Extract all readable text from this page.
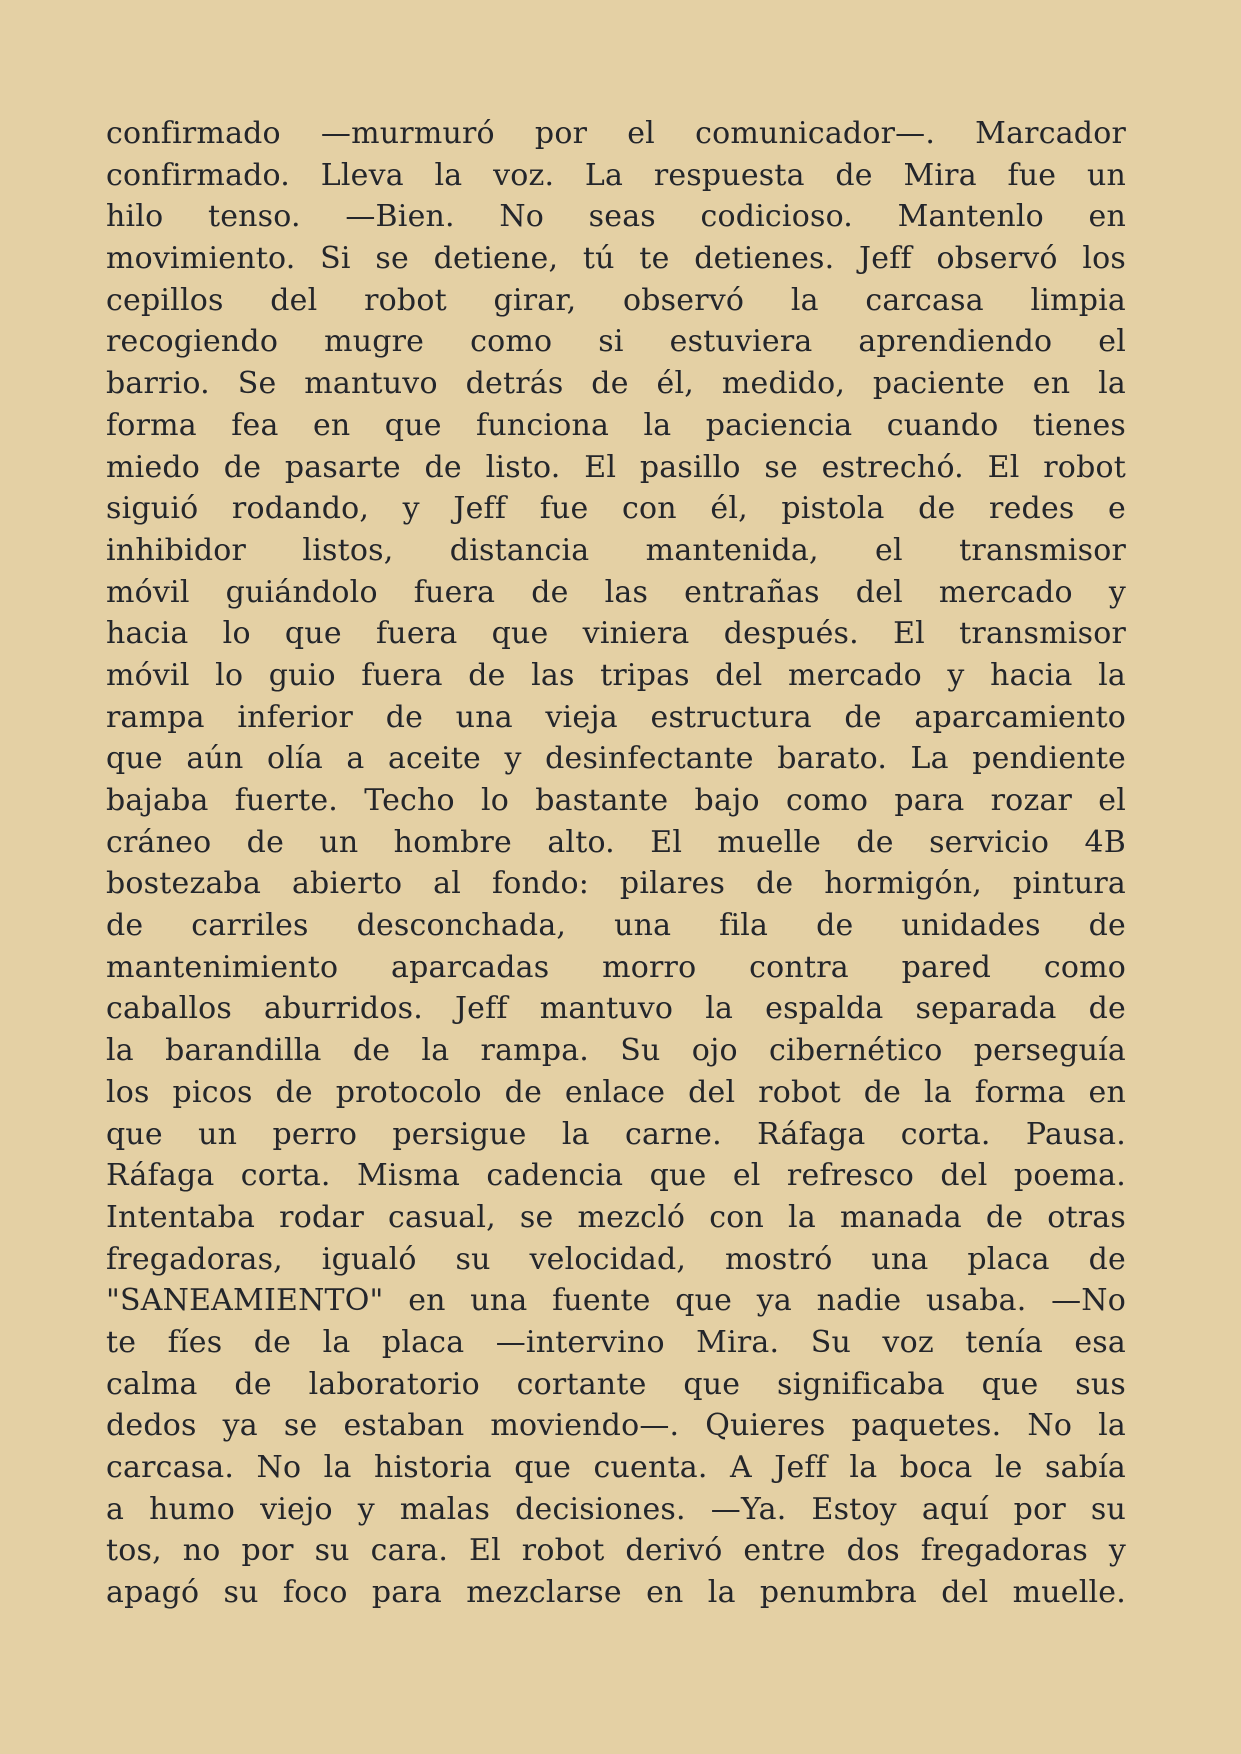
confirmado —murmuró por el comunicador—. Marcador
confirmado. Lleva la voz. La respuesta de Mira fue un
hilo tenso. —Bien. No seas codicioso. Mantenlo en
movimiento. Si se detiene, tú te detienes. Jeff observó los
cepillos del robot girar, observó la carcasa limpia
recogiendo mugre como si estuviera aprendiendo el
barrio. Se mantuvo detrás de él, medido, paciente en la
forma fea en que funciona la paciencia cuando tienes
miedo de pasarte de listo. El pasillo se estrechó. El robot
siguió rodando, y Jeff fue con él, pistola de redes e
inhibidor listos, distancia mantenida, el transmisor
móvil guiándolo fuera de las entrañas del mercado y
hacia lo que fuera que viniera después. El transmisor
móvil lo guio fuera de las tripas del mercado y hacia la
rampa inferior de una vieja estructura de aparcamiento
que aún olía a aceite y desinfectante barato. La pendiente
bajaba fuerte. Techo lo bastante bajo como para rozar el
cráneo de un hombre alto. El muelle de servicio 4B
bostezaba abierto al fondo: pilares de hormigón, pintura
de carriles desconchada, una fila de unidades de
mantenimiento aparcadas morro contra pared como
caballos aburridos. Jeff mantuvo la espalda separada de
la barandilla de la rampa. Su ojo cibernético perseguía
los picos de protocolo de enlace del robot de la forma en
que un perro persigue la carne. Ráfaga corta. Pausa.
Ráfaga corta. Misma cadencia que el refresco del poema.
Intentaba rodar casual, se mezcló con la manada de otras
fregadoras, igualó su velocidad, mostró una placa de
"SANEAMIENTO" en una fuente que ya nadie usaba. —No
te fíes de la placa —intervino Mira. Su voz tenía esa
calma de laboratorio cortante que significaba que sus
dedos ya se estaban moviendo—. Quieres paquetes. No la
carcasa. No la historia que cuenta. A Jeff la boca le sabía
a humo viejo y malas decisiones. —Ya. Estoy aquí por su
tos, no por su cara. El robot derivó entre dos fregadoras y
apagó su foco para mezclarse en la penumbra del muelle.
